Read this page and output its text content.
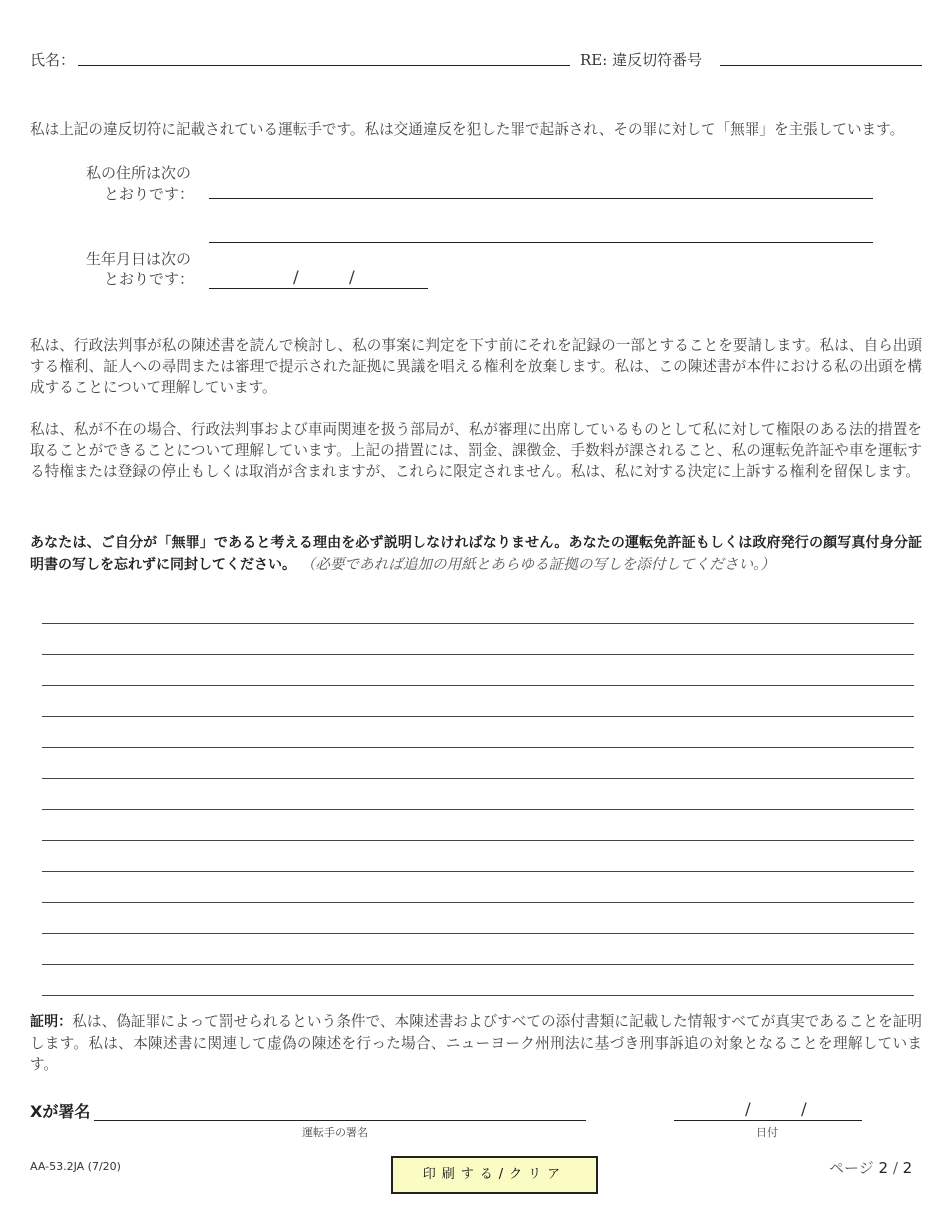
氏名：	RE: 違反切符番号
私は上記の違反切符に記載されている運転手です。私は交通違反を犯した罪で起訴され、その罪に対して「無罪」を主張しています。
私の住所は次の
とおりです：
生年月日は次の
とおりです：	/	/
私は、行政法判事が私の陳述書を読んで検討し、私の事案に判定を下す前にそれを記録の一部とすることを要請します。私は、自ら出頭する権利、証人への尋問または審理で提示された証拠に異議を唱える権利を放棄します。私は、この陳述書が本件における私の出頭を構成することについて理解しています。
私は、私が不在の場合、行政法判事および車両関連を扱う部局が、私が審理に出席しているものとして私に対して権限のある法的措置を取ることができることについて理解しています。上記の措置には、罰金、課徴金、手数料が課されること、私の運転免許証や車を運転する特権または登録の停止もしくは取消が含まれますが、これらに限定されません。私は、私に対する決定に上訴する権利を留保します。
あなたは、ご自分が「無罪」であると考える理由を必ず説明しなければなりません。あなたの運転免許証もしくは政府発行の顔写真付身分証明書の写しを忘れずに同封してください。 （必要であれば追加の用紙とあらゆる証拠の写しを添付してください。）
証明：私は、偽証罪によって罰せられるという条件で、本陳述書およびすべての添付書類に記載した情報すべてが真実であることを証明します。私は、本陳述書に関連して虚偽の陳述を行った場合、ニューヨーク州刑法に基づき刑事訴追の対象となることを理解しています。
Xが署名
運転手の署名
/	/
日付
AA-53.2JA (7/20)
印刷する/クリア	ページ 2 / 2
